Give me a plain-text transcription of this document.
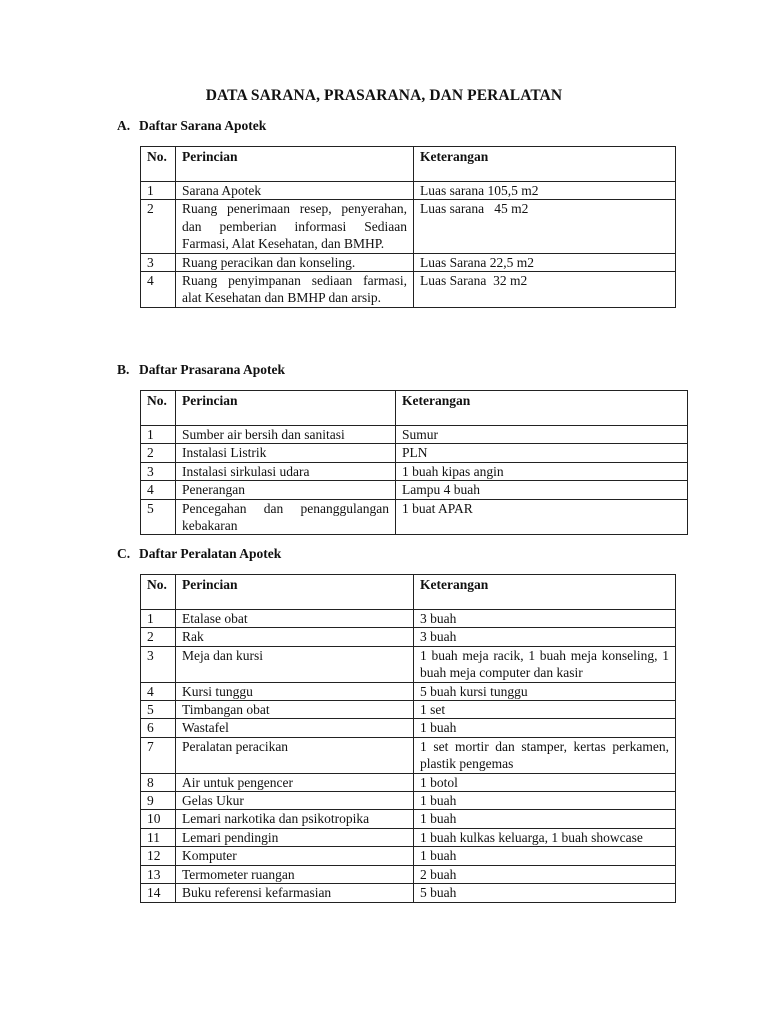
DATA SARANA, PRASARANA, DAN PERALATAN
A. Daftar Sarana Apotek
No.	Perincian	Keterangan
1	Sarana Apotek	Luas sarana 105,5 m2
2	Ruang penerimaan resep, penyerahan, dan pemberian informasi Sediaan Farmasi, Alat Kesehatan, dan BMHP.	Luas sarana   45 m2
3	Ruang peracikan dan konseling.	Luas Sarana 22,5 m2
4	Ruang penyimpanan sediaan farmasi, alat Kesehatan dan BMHP dan arsip.	Luas Sarana  32 m2
B. Daftar Prasarana Apotek
No.	Perincian	Keterangan
1	Sumber air bersih dan sanitasi	Sumur
2	Instalasi Listrik	PLN
3	Instalasi sirkulasi udara	1 buah kipas angin
4	Penerangan	Lampu 4 buah
5	Pencegahan dan penanggulangan kebakaran	1 buat APAR
C. Daftar Peralatan Apotek
No.	Perincian	Keterangan
1	Etalase obat	3 buah
2	Rak	3 buah
3	Meja dan kursi	1 buah meja racik, 1 buah meja konseling, 1 buah meja computer dan kasir
4	Kursi tunggu	5 buah kursi tunggu
5	Timbangan obat	1 set
6	Wastafel	1 buah
7	Peralatan peracikan	1 set mortir dan stamper, kertas perkamen, plastik pengemas
8	Air untuk pengencer	1 botol
9	Gelas Ukur	1 buah
10	Lemari narkotika dan psikotropika	1 buah
11	Lemari pendingin	1 buah kulkas keluarga, 1 buah showcase
12	Komputer	1 buah
13	Termometer ruangan	2 buah
14	Buku referensi kefarmasian	5 buah
